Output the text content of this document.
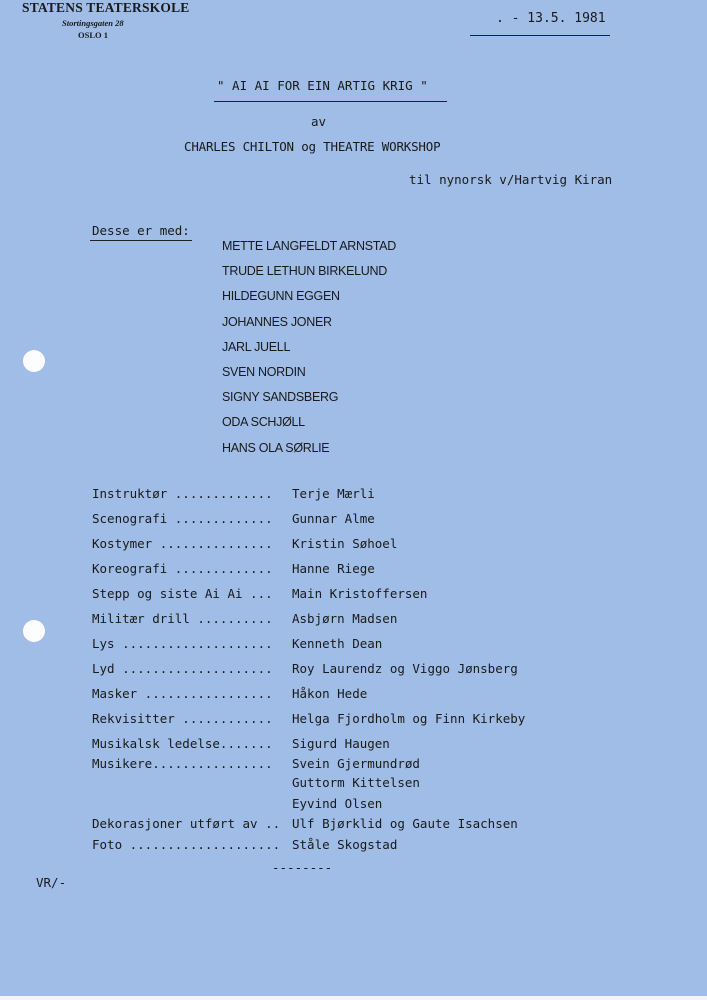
STATENS TEATERSKOLE
Stortingsgaten 28
OSLO 1
. - 13.5. 1981
" AI AI FOR EIN ARTIG KRIG "
av
CHARLES CHILTON og THEATRE WORKSHOP
til nynorsk v/Hartvig Kiran
Desse er med:
METTE LANGFELDT ARNSTAD
TRUDE LETHUN BIRKELUND
HILDEGUNN EGGEN
JOHANNES JONER
JARL JUELL
SVEN NORDIN
SIGNY SANDSBERG
ODA SCHJØLL
HANS OLA SØRLIE
Instruktør ............. Terje Mærli
Scenografi ............. Gunnar Alme
Kostymer ............... Kristin Søhoel
Koreografi ............. Hanne Riege
Stepp og siste Ai Ai ... Main Kristoffersen
Militær drill .......... Asbjørn Madsen
Lys .................... Kenneth Dean
Lyd .................... Roy Laurendz og Viggo Jønsberg
Masker ................. Håkon Hede
Rekvisitter ............ Helga Fjordholm og Finn Kirkeby
Musikalsk ledelse....... Sigurd Haugen
Musikere................ Svein Gjermundrød
Guttorm Kittelsen
Eyvind Olsen
Dekorasjoner utført av .. Ulf Bjørklid og Gaute Isachsen
Foto .................... Ståle Skogstad
--------
VR/-
